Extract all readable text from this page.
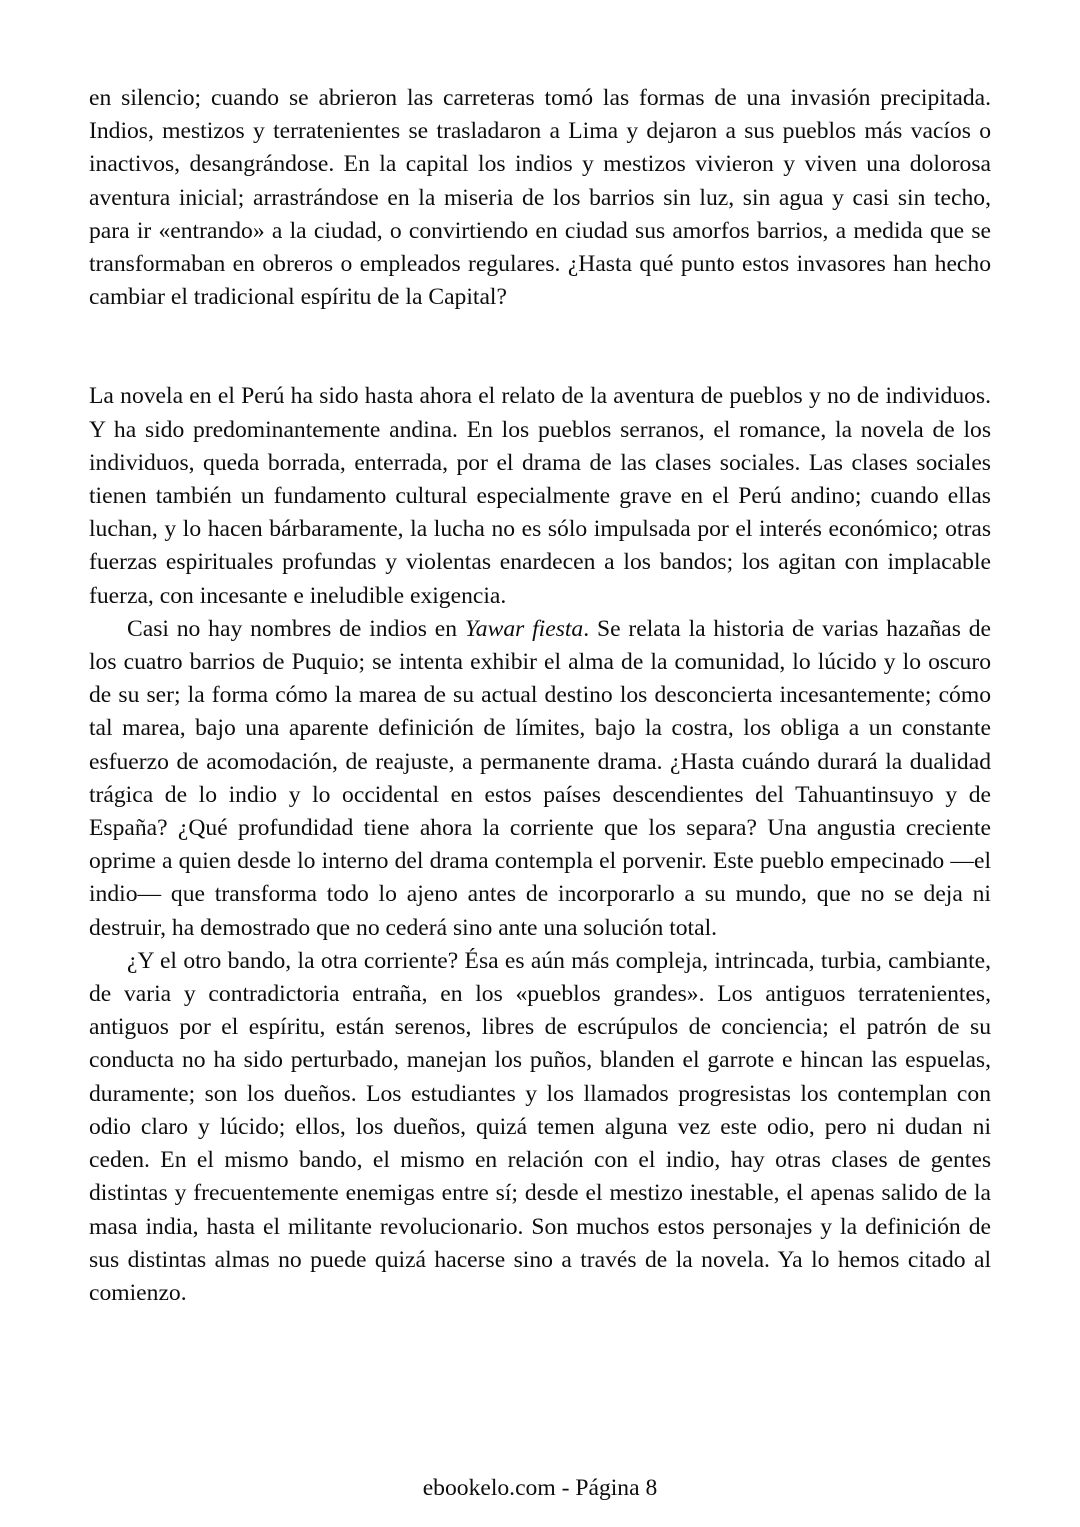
en silencio; cuando se abrieron las carreteras tomó las formas de una invasión precipitada. Indios, mestizos y terratenientes se trasladaron a Lima y dejaron a sus pueblos más vacíos o inactivos, desangrándose. En la capital los indios y mestizos vivieron y viven una dolorosa aventura inicial; arrastrándose en la miseria de los barrios sin luz, sin agua y casi sin techo, para ir «entrando» a la ciudad, o convirtiendo en ciudad sus amorfos barrios, a medida que se transformaban en obreros o empleados regulares. ¿Hasta qué punto estos invasores han hecho cambiar el tradicional espíritu de la Capital?

La novela en el Perú ha sido hasta ahora el relato de la aventura de pueblos y no de individuos. Y ha sido predominantemente andina. En los pueblos serranos, el romance, la novela de los individuos, queda borrada, enterrada, por el drama de las clases sociales. Las clases sociales tienen también un fundamento cultural especialmente grave en el Perú andino; cuando ellas luchan, y lo hacen bárbaramente, la lucha no es sólo impulsada por el interés económico; otras fuerzas espirituales profundas y violentas enardecen a los bandos; los agitan con implacable fuerza, con incesante e ineludible exigencia.

Casi no hay nombres de indios en Yawar fiesta. Se relata la historia de varias hazañas de los cuatro barrios de Puquio; se intenta exhibir el alma de la comunidad, lo lúcido y lo oscuro de su ser; la forma cómo la marea de su actual destino los desconcierta incesantemente; cómo tal marea, bajo una aparente definición de límites, bajo la costra, los obliga a un constante esfuerzo de acomodación, de reajuste, a permanente drama. ¿Hasta cuándo durará la dualidad trágica de lo indio y lo occidental en estos países descendientes del Tahuantinsuyo y de España? ¿Qué profundidad tiene ahora la corriente que los separa? Una angustia creciente oprime a quien desde lo interno del drama contempla el porvenir. Este pueblo empecinado —el indio— que transforma todo lo ajeno antes de incorporarlo a su mundo, que no se deja ni destruir, ha demostrado que no cederá sino ante una solución total.

¿Y el otro bando, la otra corriente? Ésa es aún más compleja, intrincada, turbia, cambiante, de varia y contradictoria entraña, en los «pueblos grandes». Los antiguos terratenientes, antiguos por el espíritu, están serenos, libres de escrúpulos de conciencia; el patrón de su conducta no ha sido perturbado, manejan los puños, blanden el garrote e hincan las espuelas, duramente; son los dueños. Los estudiantes y los llamados progresistas los contemplan con odio claro y lúcido; ellos, los dueños, quizá temen alguna vez este odio, pero ni dudan ni ceden. En el mismo bando, el mismo en relación con el indio, hay otras clases de gentes distintas y frecuentemente enemigas entre sí; desde el mestizo inestable, el apenas salido de la masa india, hasta el militante revolucionario. Son muchos estos personajes y la definición de sus distintas almas no puede quizá hacerse sino a través de la novela. Ya lo hemos citado al comienzo.

ebookelo.com - Página 8
